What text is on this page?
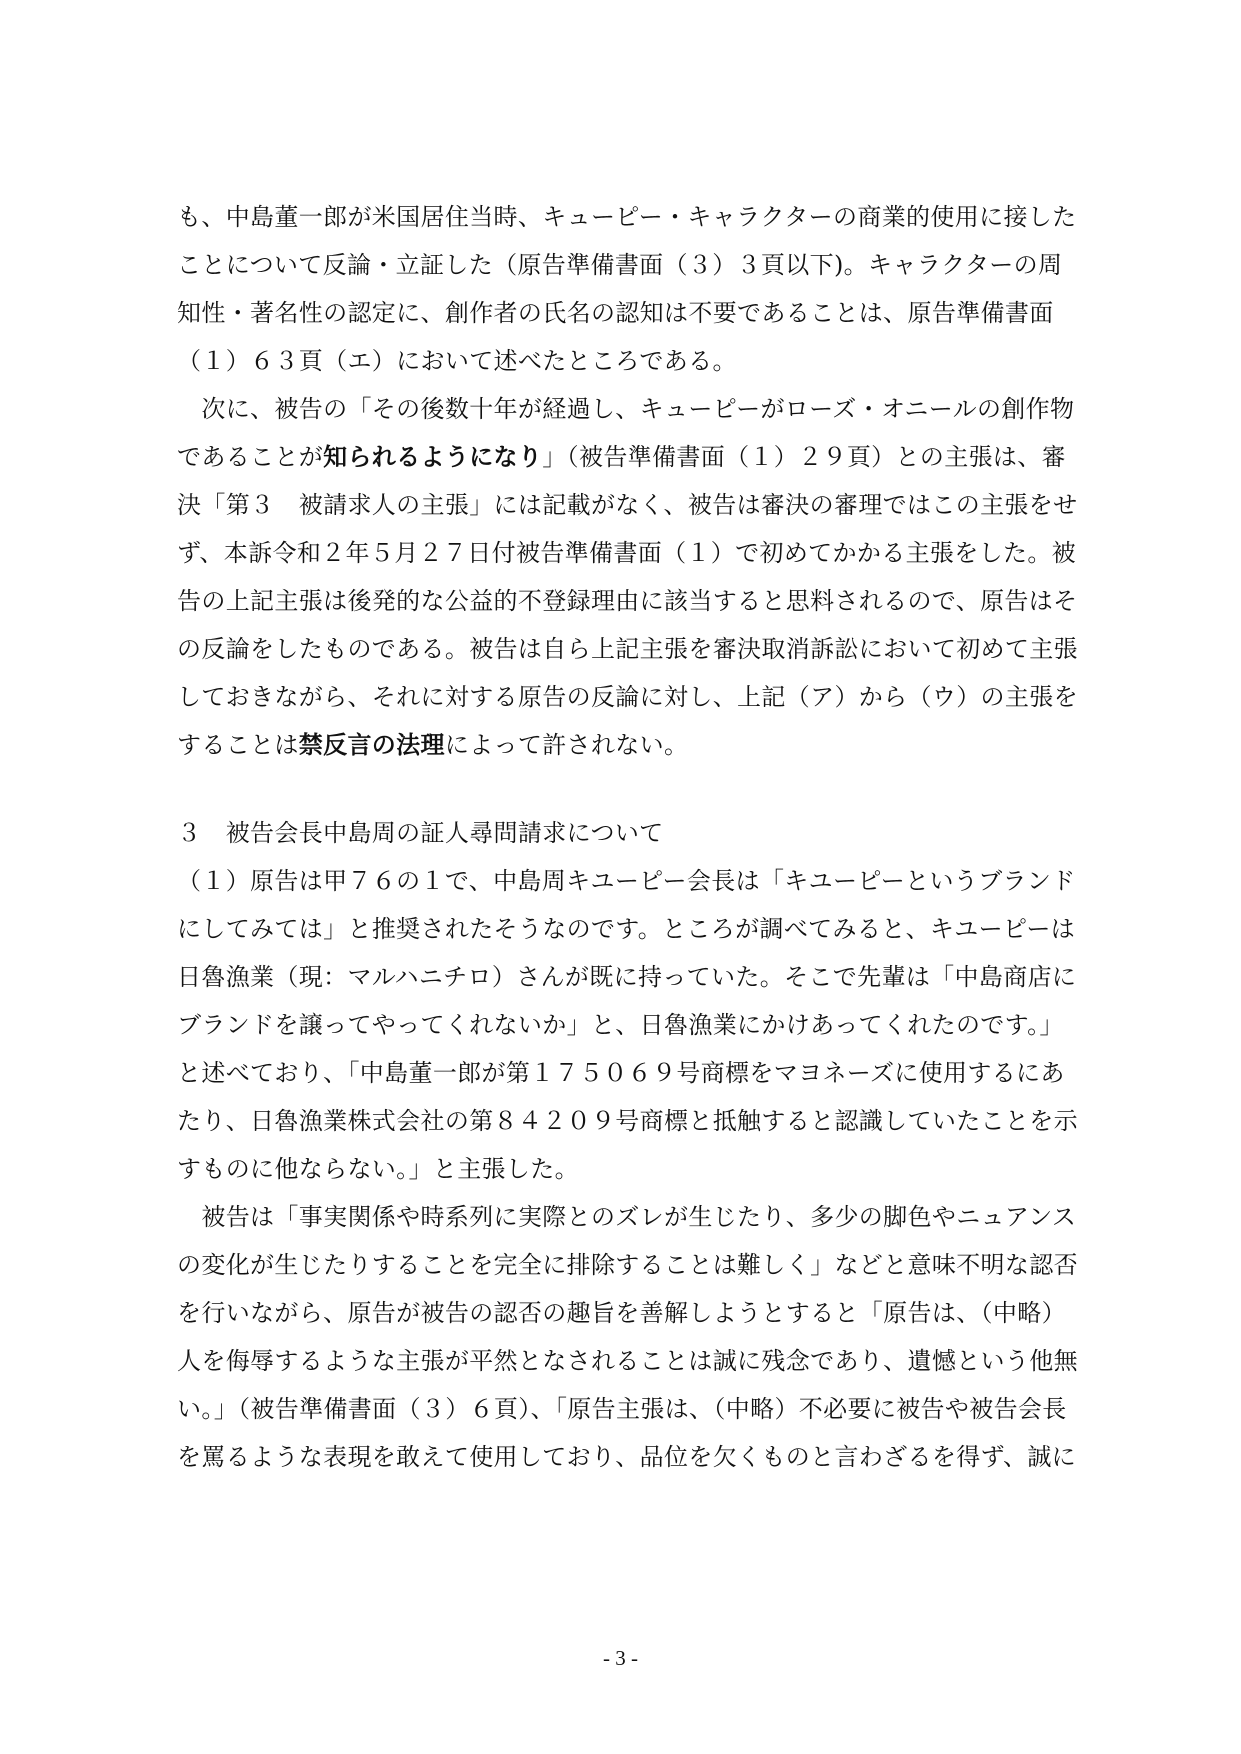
も、中島董一郎が米国居住当時、キューピー・キャラクターの商業的使用に接した
ことについて反論・立証した（原告準備書面（３）３頁以下)。キャラクターの周
知性・著名性の認定に、創作者の氏名の認知は不要であることは、原告準備書面
（１）６３頁（エ）において述べたところである。
　次に、被告の「その後数十年が経過し、キューピーがローズ・オニールの創作物
であることが知られるようになり」（被告準備書面（１）２９頁）との主張は、審
決「第３　被請求人の主張」には記載がなく、被告は審決の審理ではこの主張をせ
ず、本訴令和２年５月２７日付被告準備書面（１）で初めてかかる主張をした。被
告の上記主張は後発的な公益的不登録理由に該当すると思料されるので、原告はそ
の反論をしたものである。被告は自ら上記主張を審決取消訴訟において初めて主張
しておきながら、それに対する原告の反論に対し、上記（ア）から（ウ）の主張を
することは禁反言の法理によって許されない。
３　被告会長中島周の証人尋問請求について
（１）原告は甲７６の１で、中島周キユーピー会長は「キユーピーというブランド
にしてみては」と推奨されたそうなのです。ところが調べてみると、キユーピーは
日魯漁業（現：マルハニチロ）さんが既に持っていた。そこで先輩は「中島商店に
ブランドを譲ってやってくれないか」と、日魯漁業にかけあってくれたのです。」
と述べており、「中島董一郎が第１７５０６９号商標をマヨネーズに使用するにあ
たり、日魯漁業株式会社の第８４２０９号商標と抵触すると認識していたことを示
すものに他ならない。」と主張した。
　被告は「事実関係や時系列に実際とのズレが生じたり、多少の脚色やニュアンス
の変化が生じたりすることを完全に排除することは難しく」などと意味不明な認否
を行いながら、原告が被告の認否の趣旨を善解しようとすると「原告は、（中略）
人を侮辱するような主張が平然となされることは誠に残念であり、遺憾という他無
い。」（被告準備書面（３）６頁）、「原告主張は、（中略）不必要に被告や被告会長
を罵るような表現を敢えて使用しており、品位を欠くものと言わざるを得ず、誠に
- 3 -
